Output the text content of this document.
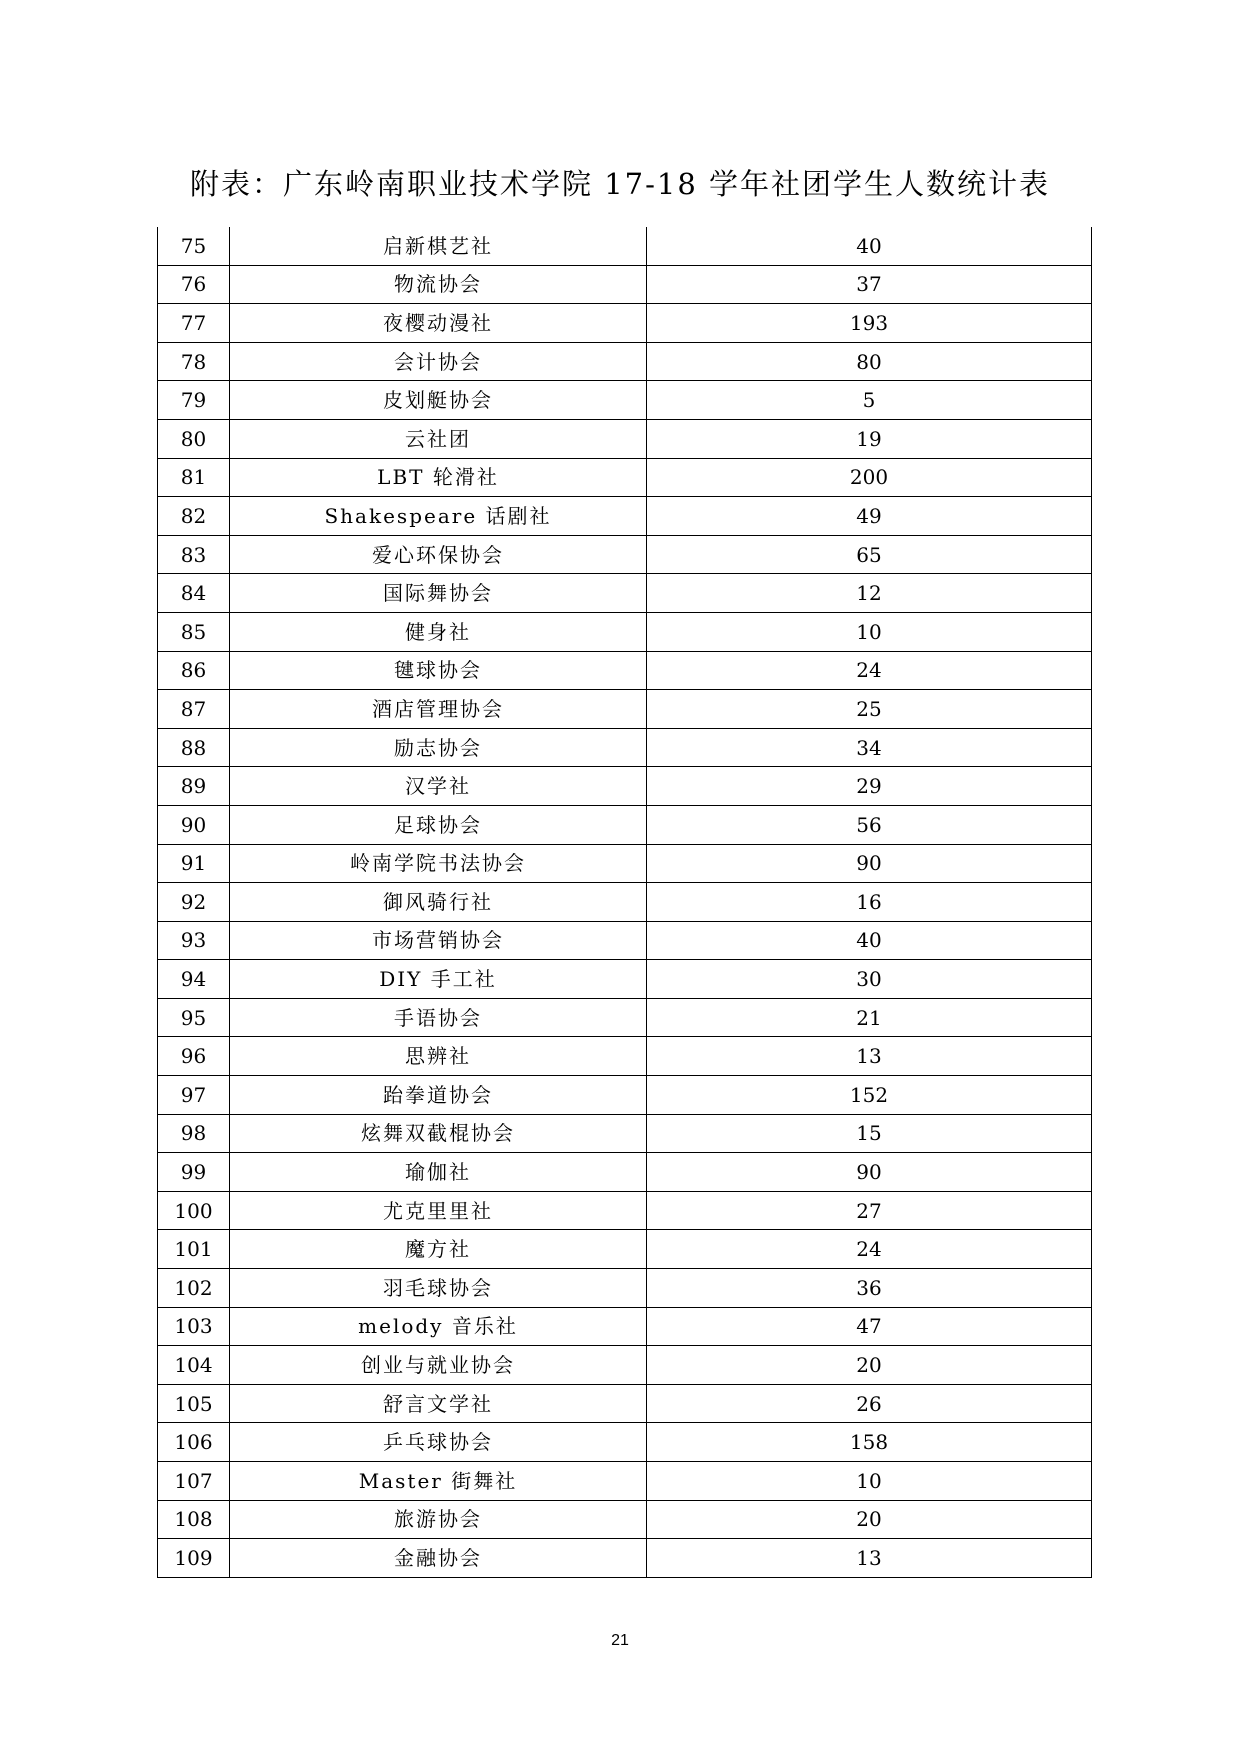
附表：广东岭南职业技术学院 17-18 学年社团学生人数统计表
75	启新棋艺社	40
76	物流协会	37
77	夜樱动漫社	193
78	会计协会	80
79	皮划艇协会	5
80	云社团	19
81	LBT 轮滑社	200
82	Shakespeare 话剧社	49
83	爱心环保协会	65
84	国际舞协会	12
85	健身社	10
86	毽球协会	24
87	酒店管理协会	25
88	励志协会	34
89	汉学社	29
90	足球协会	56
91	岭南学院书法协会	90
92	御风骑行社	16
93	市场营销协会	40
94	DIY 手工社	30
95	手语协会	21
96	思辨社	13
97	跆拳道协会	152
98	炫舞双截棍协会	15
99	瑜伽社	90
100	尤克里里社	27
101	魔方社	24
102	羽毛球协会	36
103	melody 音乐社	47
104	创业与就业协会	20
105	舒言文学社	26
106	乒乓球协会	158
107	Master 街舞社	10
108	旅游协会	20
109	金融协会	13
21
